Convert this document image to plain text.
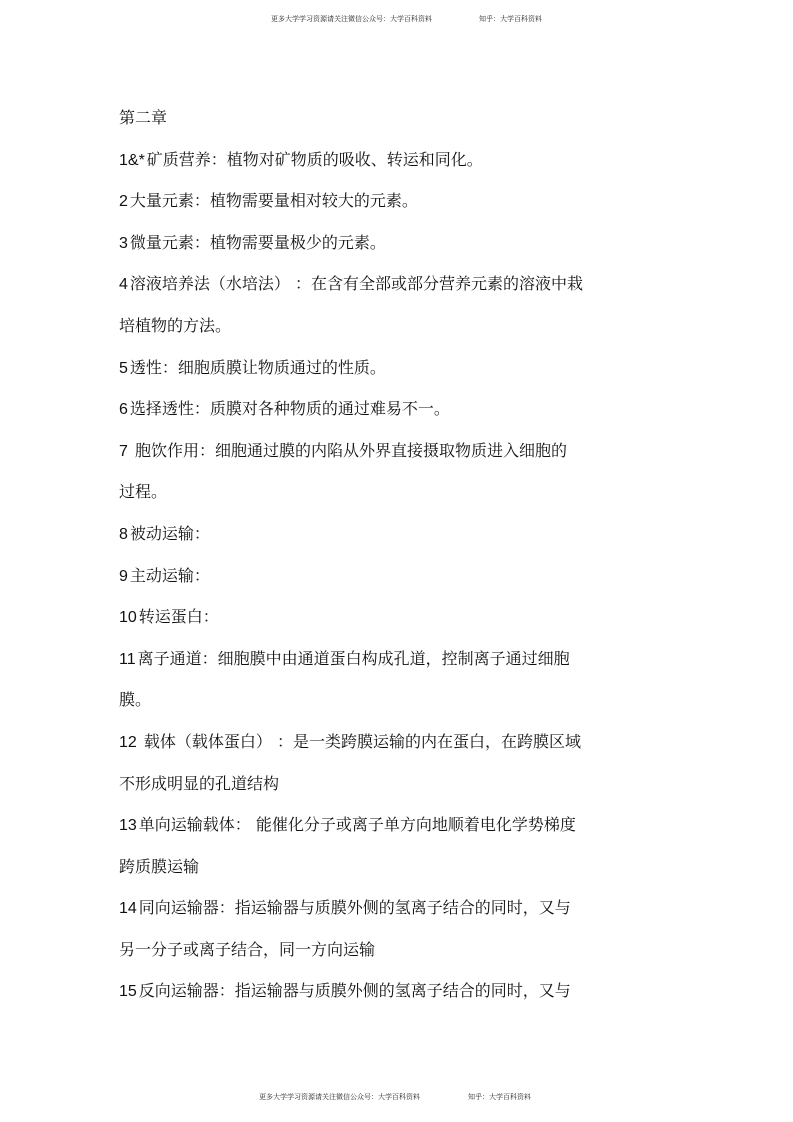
更多大学学习资源请关注微信公众号：大学百科资料	知乎：大学百科资料
第二章
1&* 矿质营养：植物对矿物质的吸收、转运和同化。
2 大量元素：植物需要量相对较大的元素。
3 微量元素：植物需要量极少的元素。
4 溶液培养法（水培法） ：在含有全部或部分营养元素的溶液中栽
培植物的方法。
5 透性：细胞质膜让物质通过的性质。
6 选择透性：质膜对各种物质的通过难易不一。
7 胞饮作用：细胞通过膜的内陷从外界直接摄取物质进入细胞的
过程。
8 被动运输：
9 主动运输：
10 转运蛋白：
11 离子通道：细胞膜中由通道蛋白构成孔道，控制离子通过细胞
膜。
12 载体（载体蛋白） ：是一类跨膜运输的内在蛋白，在跨膜区域
不形成明显的孔道结构
13 单向运输载体： 能催化分子或离子单方向地顺着电化学势梯度
跨质膜运输
14 同向运输器：指运输器与质膜外侧的氢离子结合的同时，又与
另一分子或离子结合，同一方向运输
15 反向运输器：指运输器与质膜外侧的氢离子结合的同时，又与
更多大学学习资源请关注微信公众号：大学百科资料	知乎：大学百科资料
